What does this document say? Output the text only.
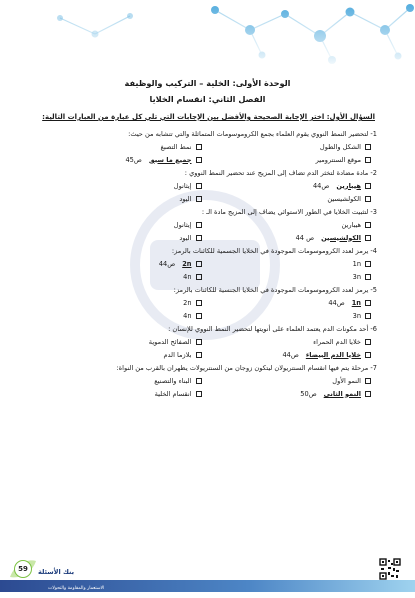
الوحدة الأولى: الخلية – التركيب والوظيفة
الفصل الثاني: انقسام الخلايا
السؤال الأول: اختر الإجابة الصحيحة والأفضل بين الإجابات التي تلي كل عبارة من العبارات التالية:
1- لتحضير النمط النووي يقوم العلماء بجمع الكروموسومات المتماثلة والتي تتشابه من حيث:
الشكل والطول
نمط التصبغ
موقع السنترومير
جميع ما سبق
ص45
2- مادة مضادة لتخثر الدم تضاف إلى المزيج عند تحضير النمط النووي :
هيبارين
ص44
إيثانول
الكولشيسين
اليود
3- لتثبيت الخلايا في الطور الاستوائي يضاف إلى المزيج مادة الـ :
هيبارين
إيثانول
الكولشيسين
ص 44
اليود
4- يرمز لعدد الكروموسومات الموجودة في الخلايا الجسمية للكائنات بالرمز:
1n
2n
ص44
3n
4n
5- يرمز لعدد الكروموسومات الموجودة في الخلايا الجنسية للكائنات بالرمز:
1n
ص44
2n
3n
4n
6- أحد مكونات الدم يعتمد العلماء على أنويتها لتحضير النمط النووي للإنسان :
خلايا الدم الحمراء
الصفائح الدموية
خلايا الدم البيضاء
ص44
بلازما الدم
7- مرحلة يتم فيها انقسام السنتريولان ليتكون زوجان من السنتريولات يظهران بالقرب من النواة:
النمو الأول
البناء والتصنيع
النمو الثاني
ص50
انقسام الخلية
الاستعمار والمقاومة والتحولات
59	بنك الأسئلة
